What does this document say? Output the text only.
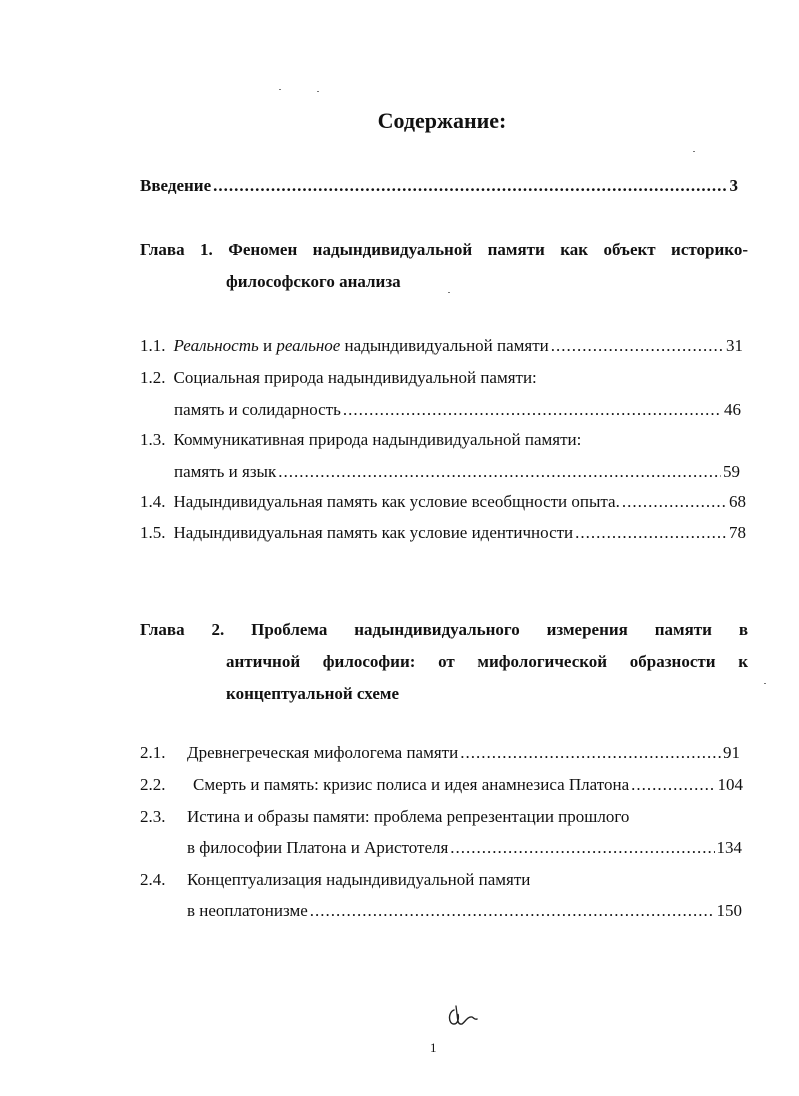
Содержание:
Введение .....	3
Глава 1. Феномен надындивидуальной памяти как объект историко-
философского анализа
1.1. Реальность и реальное надындивидуальной памяти .....	31
1.2. Социальная природа надындивидуальной памяти:
память и солидарность .....	46
1.3. Коммуникативная природа надындивидуальной памяти:
память и язык .....	59
1.4. Надындивидуальная память как условие всеобщности опыта. .....	68
1.5. Надындивидуальная память как условие идентичности .....	78
Глава 2. Проблема надындивидуального измерения памяти в
античной философии: от мифологической образности к
концептуальной схеме
2.1.	Древнегреческая мифологема памяти .....	91
2.2.	Смерть и память: кризис полиса и идея анамнезиса Платона .....	104
2.3.	Истина и образы памяти: проблема репрезентации прошлого
в философии Платона и Аристотеля .....	134
2.4.	Концептуализация надындивидуальной памяти
в неоплатонизме .....	150
1
